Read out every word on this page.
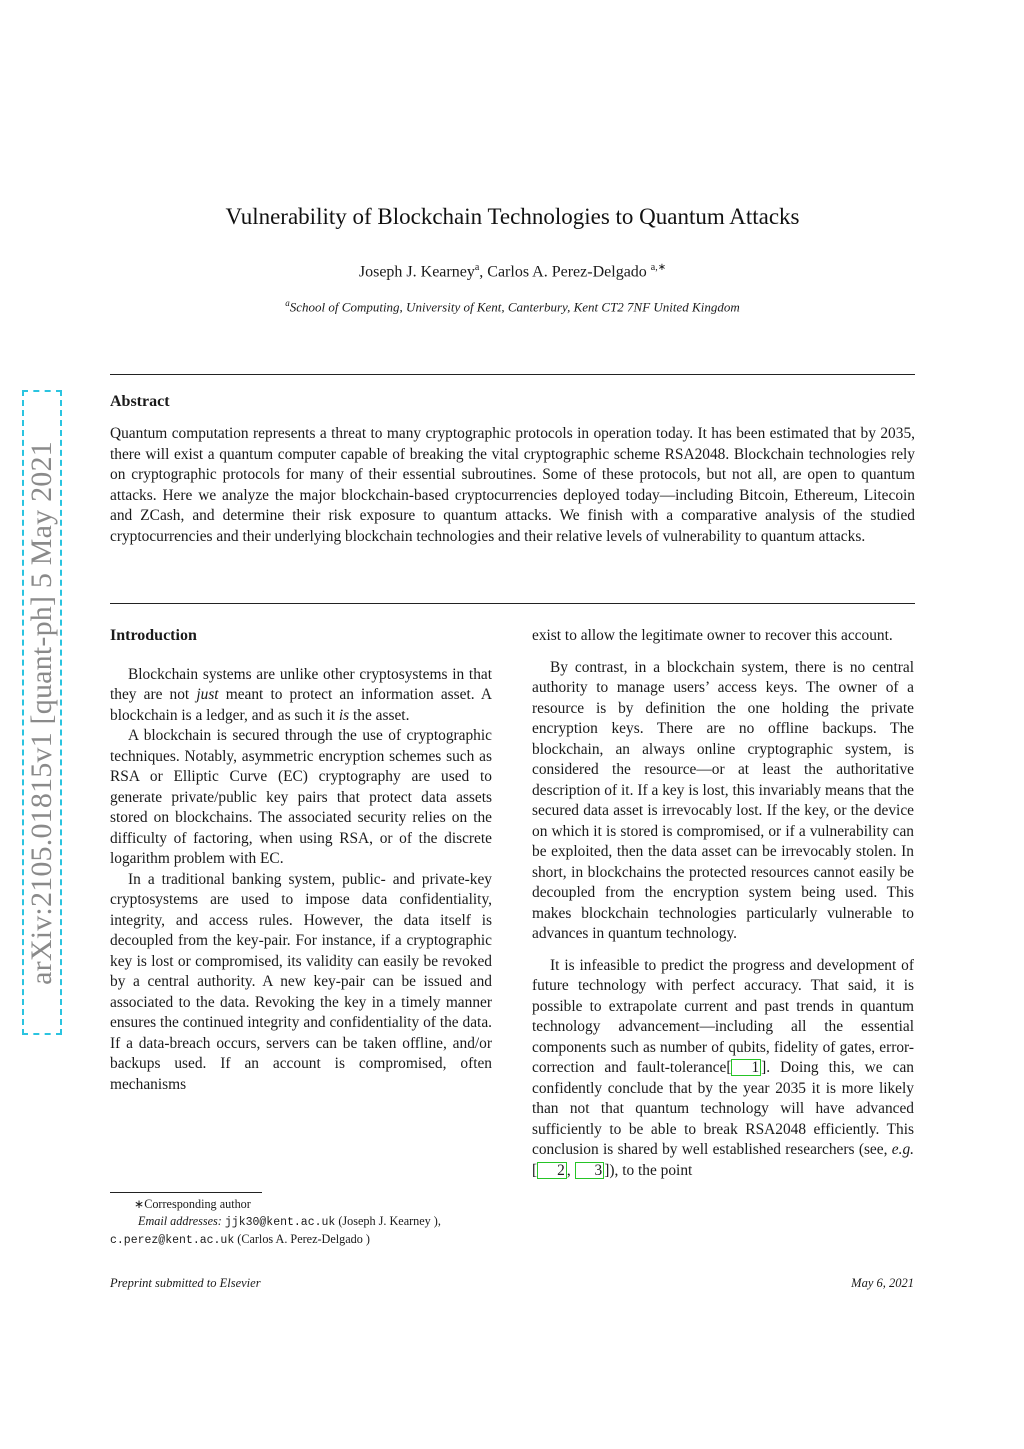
arXiv:2105.01815v1 [quant-ph] 5 May 2021
Vulnerability of Blockchain Technologies to Quantum Attacks
Joseph J. Kearney$^a$, Carlos A. Perez-Delgado $^{a,∗}$
$^a$School of Computing, University of Kent, Canterbury, Kent CT2 7NF United Kingdom
Abstract
Quantum computation represents a threat to many cryptographic protocols in operation today. It has been estimated that by 2035, there will exist a quantum computer capable of breaking the vital cryptographic scheme RSA2048. Blockchain technologies rely on cryptographic protocols for many of their essential subroutines. Some of these protocols, but not all, are open to quantum attacks. Here we analyze the major blockchain-based cryptocurrencies deployed today—including Bitcoin, Ethereum, Litecoin and ZCash, and determine their risk exposure to quantum attacks. We finish with a comparative analysis of the studied cryptocurrencies and their underlying blockchain technologies and their relative levels of vulnerability to quantum attacks.
Introduction

Blockchain systems are unlike other cryptosystems in that they are not just meant to protect an information asset. A blockchain is a ledger, and as such it is the asset.

A blockchain is secured through the use of cryptographic techniques. Notably, asymmetric encryption schemes such as RSA or Elliptic Curve (EC) cryptography are used to generate private/public key pairs that protect data assets stored on blockchains. The associated security relies on the difficulty of factoring, when using RSA, or of the discrete logarithm problem with EC.

In a traditional banking system, public- and private-key cryptosystems are used to impose data confidentiality, integrity, and access rules. However, the data itself is decoupled from the key-pair. For instance, if a cryptographic key is lost or compromised, its validity can easily be revoked by a central authority. A new key-pair can be issued and associated to the data. Revoking the key in a timely manner ensures the continued integrity and confidentiality of the data. If a data-breach occurs, servers can be taken offline, and/or backups used. If an account is compromised, often mechanisms

exist to allow the legitimate owner to recover this account.

By contrast, in a blockchain system, there is no central authority to manage users’ access keys. The owner of a resource is by definition the one holding the private encryption keys. There are no offline backups. The blockchain, an always online cryptographic system, is considered the resource—or at least the authoritative description of it. If a key is lost, this invariably means that the secured data asset is irrevocably lost. If the key, or the device on which it is stored is compromised, or if a vulnerability can be exploited, then the data asset can be irrevocably stolen. In short, in blockchains the protected resources cannot easily be decoupled from the encryption system being used. This makes blockchain technologies particularly vulnerable to advances in quantum technology.

It is infeasible to predict the progress and development of future technology with perfect accuracy. That said, it is possible to extrapolate current and past trends in quantum technology advancement—including all the essential components such as number of qubits, fidelity of gates, error-correction and fault-tolerance[ 1 ]. Doing this, we can confidently conclude that by the year 2035 it is more likely than not that quantum technology will have advanced sufficiently to be able to break RSA2048 efficiently. This conclusion is shared by well established researchers (see, e.g.[ 2 , 3 ]), to the point

∗Corresponding author
Email addresses: jjk30@kent.ac.uk (Joseph J. Kearney ), c.perez@kent.ac.uk (Carlos A. Perez-Delgado )
Preprint submitted to Elsevier	May 6, 2021
